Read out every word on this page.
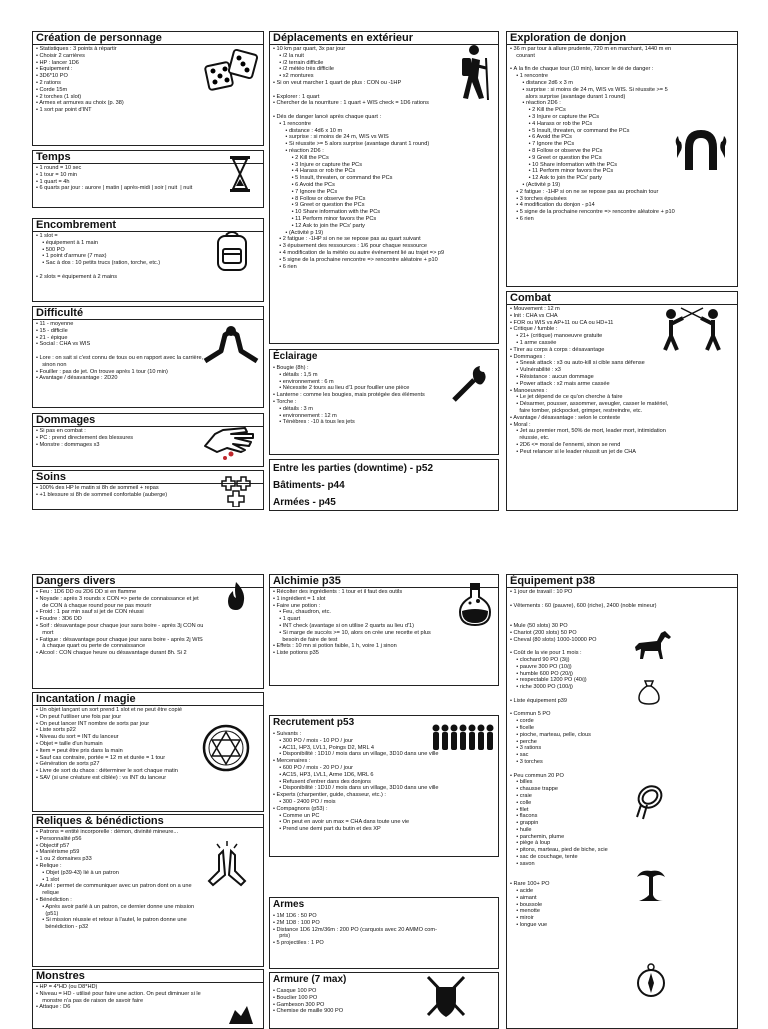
Création de personnage
• Statistiques : 3 points à répartir
• Choisir 2 carrières
• HP : lancer 1D6
• Équipement :
• 3D6*10 PO
• 2 rations
• Corde 15m
• 2 torches (1 slot)
• Armes et armures au choix (p. 38)
• 1 sort par point d'INT
Temps
• 1 round = 10 sec
• 1 tour = 10 min
• 1 quart = 4h
• 6 quarts par jour : aurore | matin | après-midi | soir | nuit  | nuit
Encombrement
• 1 slot =
• équipement à 1 main
• 500 PO
• 1 point d'armure (7 max)
• Sac à dos : 10 petits trucs (ration, torche, etc.)

• 2 slots = équipement à 2 mains
Difficulté
• 11 - moyenne
• 15 - difficile
• 21 - épique
• Social : CHA vs WIS

• Lore : on sait si c'est connu de tous ou en rapport avec la carrière,
sinon non
• Fouiller : pas de jet. On trouve après 1 tour (10 min)
• Avantage / désavantage : 2D20
Dommages
• Si pas en combat :
• PC : prend directement des blessures
• Monstre : dommages x3
Soins
• 100% des HP le matin si 8h de sommeil + repas
• +1 blessure si 8h de sommeil confortable (auberge)
Déplacements en extérieur
• 10 km par quart, 3x par jour
• /2 la nuit
• /2 terrain difficile
• /2 météo très difficile
• x2 montures
• Si on veut marcher 1 quart de plus : CON ou -1HP

• Explorer : 1 quart
• Chercher de la nourriture : 1 quart + WIS check = 1D6 rations

• Dés de danger lancé après chaque quart :
• 1 rencontre
• distance : 4d6 x 10 m
• surprise : si moins de 24 m, WIS vs WIS
• Si réussite >= 5 alors surprise (avantage durant 1 round)
• réaction 2D6 :
• 2 Kill the PCs
• 3 Injure or capture the PCs
• 4 Harass or rob the PCs
• 5 Insult, threaten, or command the PCs
• 6 Avoid the PCs
• 7 Ignore the PCs
• 8 Follow or observe the PCs
• 9 Greet or question the PCs
• 10 Share information with the PCs
• 11 Perform minor favors the PCs
• 12 Ask to join the PCs' party
• (Activité p 19)
• 2 fatigue : -1HP si on ne se repose pas au quart suivant
• 3 épuisement des ressources : 1/6 pour chaque ressource
• 4 modification de la météo ou autre événement lié au trajet => p9
• 5 signe de la prochaine rencontre => rencontre aléatoire + p10
• 6 rien
Éclairage
• Bougie (8h) :
• détails : 1,5 m
• environnement : 6 m
• Nécessite 2 tours au lieu d'1 pour fouiller une pièce
• Lanterne : comme les bougies, mais protégée des éléments
• Torche :
• détails : 3 m
• environnement : 12 m
• Ténèbres : -10 à tous les jets
Entre les parties (downtime) - p52
Bâtiments- p44
Armées - p45
Exploration de donjon
• 36 m par tour à allure prudente, 720 m en marchant, 1440 m en
courant

• À la fin de chaque tour (10 min), lancer le dé de danger :
• 1 rencontre
• distance 2d6 x 3 m
• surprise : si moins de 24 m, WIS vs WIS. Si réussite >= 5
alors surprise (avantage durant 1 round)
• réaction 2D6 :
• 2 Kill the PCs
• 3 Injure or capture the PCs
• 4 Harass or rob the PCs
• 5 Insult, threaten, or command the PCs
• 6 Avoid the PCs
• 7 Ignore the PCs
• 8 Follow or observe the PCs
• 9 Greet or question the PCs
• 10 Share information with the PCs
• 11 Perform minor favors the PCs
• 12 Ask to join the PCs' party
• (Activité p 19)
• 2 fatigue : -1HP si on ne se repose pas au prochain tour
• 3 torches épuisées
• 4 modification du donjon - p14
• 5 signe de la prochaine rencontre => rencontre aléatoire + p10
• 6 rien
Combat
• Mouvement : 12 m
• Init : CHA vs CHA
• FOR ou WIS vs AP+11 ou CA ou HD+11
• Critique / fumble :
• 21+ (critique) manoeuvre gratuite
• 1 arme cassée
• Tirer au corps à corps : désavantage
• Dommages :
• Sneak attack : x3 ou auto-kill si cible sans défense
• Vulnérabilité : x3
• Résistance : aucun dommage
• Power attack : x2 mais arme cassée
• Manoeuvres :
• Le jet dépend de ce qu'on cherche à faire
• Désarmer, pousser, assommer, aveugler, casser le matériel,
faire tomber, pickpocket, grimper, restreindre, etc.
• Avantage / désavantage : selon le contexte
• Moral :
• Jet au premier mort, 50% de mort, leader mort, intimidation
réussie, etc.
• 2D6 <= moral de l'ennemi, sinon se rend
• Peut relancer si le leader réussit un jet de CHA
Dangers divers
• Feu : 1D6 DD ou 2D6 DD si en flamme
• Noyade : après 3 rounds x CON => perte de connaissance et jet
de CON à chaque round pour ne pas mourir
• Froid : 1 par min sauf si jet de CON réussi
• Foudre : 3D6 DD
• Soif : désavantage pour chaque jour sans boire - après 3j CON ou
mort
• Fatigue : désavantage pour chaque jour sans boire - après 2j WIS
à chaque quart ou perte de connaissance
• Alcool : CON chaque heure ou désavantage durant 8h. Si 2
Incantation / magie
• Un objet lançant un sort prend 1 slot et ne peut être copié
• On peut l'utiliser une fois par jour
• On peut lancer INT nombre de sorts par jour
• Liste sorts p22
• Niveau du sort = INT du lanceur
• Objet = taille d'un humain
• Item = peut être pris dans la main
• Sauf cas contraire, portée = 12 m et durée = 1 tour
• Génération de sorts p27
• Livre de sort du chaos : déterminer le sort chaque matin
• SAV (si une créature est ciblée) : vs INT du lanceur
Reliques & bénédictions
• Patrons = entité incorporelle : démon, divinité mineure...
• Personnalité p56
• Objectif p57
• Maniérisme p59
• 1 ou 2 domaines p33
• Relique :
• Objet (p39-43) lié à un patron
• 1 slot
• Autel : permet de communiquer avec un patron dont on a une
relique
• Bénédiction :
• Après avoir parlé à un patron, ce dernier donne une mission
(p51)
• Si mission réussie et retour à l'autel, le patron donne une
bénédiction - p32
Monstres
• HP = 4*HD (ou D8*HD)
• Niveau = HD - utilisé pour faire une action. On peut diminuer si le
monstre n'a pas de raison de savoir faire
• Attaque : D6
Alchimie p35
• Récolter des ingrédients : 1 tour et il faut des outils
• 1 ingrédient = 1 slot
• Faire une potion :
• Feu, chaudron, etc.
• 1 quart
• INT check (avantage si on utilise 2 quarts au lieu d'1)
• Si marge de succès >= 10, alors on crée une recette et plus
besoin de faire de test
• Effets : 10 mn si potion faible, 1 h, voire 1 j sinon
• Liste potions p35
Recrutement p53
• Suivants :
• 300 PO / mois - 10 PO / jour
• AC11, HP3, LVL1, Poings D2, MRL 4
• Disponibilité : 1D10 / mois dans un village, 3D10 dans une ville
• Mercenaires :
• 600 PO / mois - 20 PO / jour
• AC15, HP3, LVL1, Arme 1D6, MRL 6
• Refusent d'entrer dans des donjons
• Disponibilité : 1D10 / mois dans un village, 3D10 dans une ville
• Experts (charpentier, guide, chasseur, etc.) :
• 300 - 2400 PO / mois
• Compagnons (p53) :
• Comme un PC
• On peut en avoir un max = CHA dans toute une vie
• Prend une demi part du butin et des XP
Armes
• 1M 1D6 : 50 PO
• 2M 1D8 : 100 PO
• Distance 1D6 12m/36m : 200 PO (carquois avec 20 AMMO com-
pris)
• 5 projectiles : 1 PO
Armure (7 max)
• Casque 100 PO
• Bouclier 100 PO
• Gambeson 300 PO
• Chemise de maille 900 PO
Équipement p38
• 1 jour de travail : 10 PO

• Vêtements : 60 (pauvre), 600 (riche), 2400 (noble mineur)

• Mule (50 slots) 30 PO
• Chariot (200 slots) 50 PO
• Cheval (80 slots) 1000-10000 PO

• Coût de la vie pour 1 mois :
• clochard 90 PO (3/j)
• pauvre 300 PO (10/j)
• humble 600 PO (20/j)
• respectable 1200 PO (40/j)
• riche 3000 PO (100/j)

• Liste équipement p39

• Commun 5 PO
• corde
• ficelle
• pioche, marteau, pelle, clous
• perche
• 3 rations
• sac
• 3 torches

• Peu commun 20 PO
• billes
• chausse trappe
• craie
• colle
• filet
• flacons
• grappin
• huile
• parchemin, plume
• piège à loup
• pitons, marteau, pied de biche, scie
• sac de couchage, tente
• savon

• Rare 100+ PO
• acide
• aimant
• boussole
• menotte
• miroir
• longue vue
